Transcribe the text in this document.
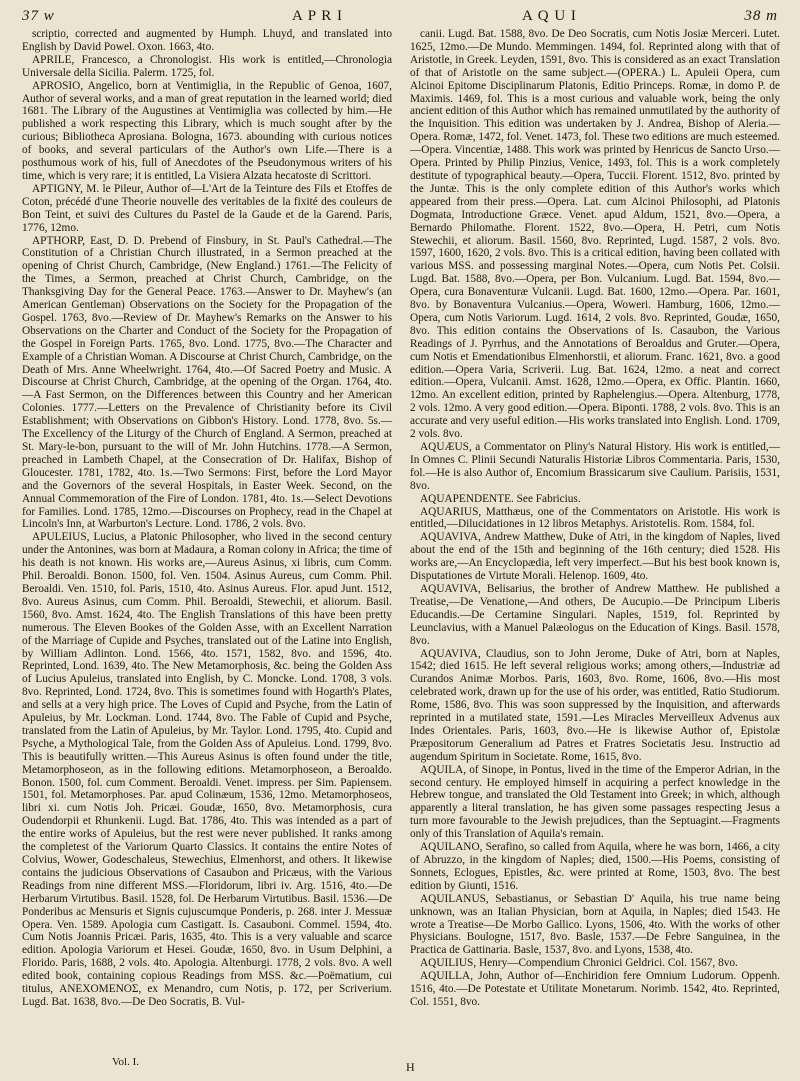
37 w	A P R I	A Q U I	38 m

scriptio, corrected and augmented by Humph. Lhuyd, and translated into English by David Powel. Oxon. 1663, 4to.

APRILE, Francesco, a Chronologist. His work is entitled,—Chronologia Universale della Sicilia. Palerm. 1725, fol.

APROSIO, Angelico, born at Ventimiglia, in the Republic of Genoa, 1607, Author of several works, and a man of great reputation in the learned world; died 1681. The Library of the Augustines at Ventimiglia was collected by him.—He published a work respecting this Library, which is much sought after by the curious; Bibliotheca Aprosiana. Bologna, 1673. abounding with curious notices of books, and several particulars of the Author's own Life.—There is a posthumous work of his, full of Anecdotes of the Pseudonymous writers of his time, which is very rare; it is entitled, La Visiera Alzata hecatoste di Scrittori.

APTIGNY, M. le Pileur, Author of—L'Art de la Teinture des Fils et Etoffes de Coton, précédé d'une Theorie nouvelle des veritables de la fixité des couleurs de Bon Teint, et suivi des Cultures du Pastel de la Gaude et de la Garend. Paris, 1776, 12mo.

APTHORP, East, D. D. Prebend of Finsbury, in St. Paul's Cathedral.—The Constitution of a Christian Church illustrated, in a Sermon preached at the opening of Christ Church, Cambridge, (New England.) 1761.—The Felicity of the Times, a Sermon, preached at Christ Church, Cambridge, on the Thanksgiving Day for the General Peace. 1763.—Answer to Dr. Mayhew's (an American Gentleman) Observations on the Society for the Propagation of the Gospel. 1763, 8vo.—Review of Dr. Mayhew's Remarks on the Answer to his Observations on the Charter and Conduct of the Society for the Propagation of the Gospel in Foreign Parts. 1765, 8vo. Lond. 1775, 8vo.—The Character and Example of a Christian Woman. A Discourse at Christ Church, Cambridge, on the Death of Mrs. Anne Wheelwright. 1764, 4to.—Of Sacred Poetry and Music. A Discourse at Christ Church, Cambridge, at the opening of the Organ. 1764, 4to.—A Fast Sermon, on the Differences between this Country and her American Colonies. 1777.—Letters on the Prevalence of Christianity before its Civil Establishment; with Observations on Gibbon's History. Lond. 1778, 8vo. 5s.—The Excellency of the Liturgy of the Church of England. A Sermon, preached at St. Mary-le-bon, pursuant to the will of Mr. John Hutchins. 1778.—A Sermon, preached in Lambeth Chapel, at the Consecration of Dr. Halifax, Bishop of Gloucester. 1781, 1782, 4to. 1s.—Two Sermons: First, before the Lord Mayor and the Governors of the several Hospitals, in Easter Week. Second, on the Annual Commemoration of the Fire of London. 1781, 4to. 1s.—Select Devotions for Families. Lond. 1785, 12mo.—Discourses on Prophecy, read in the Chapel at Lincoln's Inn, at Warburton's Lecture. Lond. 1786, 2 vols. 8vo.

APULEIUS, Lucius, a Platonic Philosopher, who lived in the second century under the Antonines, was born at Madaura, a Roman colony in Africa; the time of his death is not known. His works are,—Aureus Asinus, xi libris, cum Comm. Phil. Beroaldi. Bonon. 1500, fol. Ven. 1504. Asinus Aureus, cum Comm. Phil. Beroaldi. Ven. 1510, fol. Paris, 1510, 4to. Asinus Aureus. Flor. apud Junt. 1512, 8vo. Aureus Asinus, cum Comm. Phil. Beroaldi, Stewechii, et aliorum. Basil. 1560, 8vo. Amst. 1624, 4to. The English Translations of this have been pretty numerous. The Eleven Bookes of the Golden Asse, with an Excellent Narration of the Marriage of Cupide and Psyches, translated out of the Latine into English, by William Adlinton. Lond. 1566, 4to. 1571, 1582, 8vo. and 1596, 4to. Reprinted, Lond. 1639, 4to. The New Metamorphosis, &c. being the Golden Ass of Lucius Apuleius, translated into English, by C. Moncke. Lond. 1708, 3 vols. 8vo. Reprinted, Lond. 1724, 8vo. This is sometimes found with Hogarth's Plates, and sells at a very high price. The Loves of Cupid and Psyche, from the Latin of Apuleius, by Mr. Lockman. Lond. 1744, 8vo. The Fable of Cupid and Psyche, translated from the Latin of Apuleius, by Mr. Taylor. Lond. 1795, 4to. Cupid and Psyche, a Mythological Tale, from the Golden Ass of Apuleius. Lond. 1799, 8vo. This is beautifully written.—This Aureus Asinus is often found under the title, Metamorphoseon, as in the following editions. Metamorphoseon, a Beroaldo. Bonon. 1500, fol. cum Comment. Beroaldi. Venet. impress. per Sim. Papiensem. 1501, fol. Metamorphoses. Par. apud Colinæum, 1536, 12mo. Metamorphoseos, libri xi. cum Notis Joh. Pricæi. Goudæ, 1650, 8vo. Metamorphosis, cura Oudendorpii et Rhunkenii. Lugd. Bat. 1786, 4to. This was intended as a part of the entire works of Apuleius, but the rest were never published. It ranks among the completest of the Variorum Quarto Classics. It contains the entire Notes of Colvius, Wower, Godeschaleus, Stewechius, Elmenhorst, and others. It likewise contains the judicious Observations of Casaubon and Pricæus, with the Various Readings from nine different MSS.—Floridorum, libri iv. Arg. 1516, 4to.—De Herbarum Virtutibus. Basil. 1528, fol. De Herbarum Virtutibus. Basil. 1536.—De Ponderibus ac Mensuris et Signis cujuscumque Ponderis, p. 268. inter J. Messuæ Opera. Ven. 1589. Apologia cum Castigatt. Is. Casauboni. Commel. 1594, 4to. Cum Notis Joannis Pricæi. Paris, 1635, 4to. This is a very valuable and scarce edition. Apologia Variorum et Hesei. Goudæ, 1650, 8vo. in Usum Delphini, a Florido. Paris, 1688, 2 vols. 4to. Apologia. Altenburgi. 1778, 2 vols. 8vo. A well edited book, containing copious Readings from MSS. &c.—Poëmatium, cui titulus, ΑΝΕΧΟΜΕΝΟΣ, ex Menandro, cum Notis, p. 172, per Scriverium. Lugd. Bat. 1638, 8vo.—De Deo Socratis, B. Vul-

canii. Lugd. Bat. 1588, 8vo. De Deo Socratis, cum Notis Josiæ Merceri. Lutet. 1625, 12mo.—De Mundo. Memmingen. 1494, fol. Reprinted along with that of Aristotle, in Greek. Leyden, 1591, 8vo. This is considered as an exact Translation of that of Aristotle on the same subject.—(OPERA.) L. Apuleii Opera, cum Alcinoi Epitome Disciplinarum Platonis, Editio Princeps. Romæ, in domo P. de Maximis. 1469, fol. This is a most curious and valuable work, being the only ancient edition of this Author which has remained unmutilated by the authority of the Inquisition. This edition was undertaken by J. Andrea, Bishop of Aleria.—Opera. Romæ, 1472, fol. Venet. 1473, fol. These two editions are much esteemed.—Opera. Vincentiæ, 1488. This work was printed by Henricus de Sancto Urso.—Opera. Printed by Philip Pinzius, Venice, 1493, fol. This is a work completely destitute of typographical beauty.—Opera, Tuccii. Florent. 1512, 8vo. printed by the Juntæ. This is the only complete edition of this Author's works which appeared from their press.—Opera. Lat. cum Alcinoi Philosophi, ad Platonis Dogmata, Introductione Græce. Venet. apud Aldum, 1521, 8vo.—Opera, a Bernardo Philomathe. Florent. 1522, 8vo.—Opera, H. Petri, cum Notis Stewechii, et aliorum. Basil. 1560, 8vo. Reprinted, Lugd. 1587, 2 vols. 8vo. 1597, 1600, 1620, 2 vols. 8vo. This is a critical edition, having been collated with various MSS. and possessing marginal Notes.—Opera, cum Notis Pet. Colsii. Lugd. Bat. 1588, 8vo.—Opera, per Bon. Vulcanium. Lugd. Bat. 1594, 8vo.—Opera, cura Bonaventuræ Vulcanii. Lugd. Bat. 1600, 12mo.—Opera. Par. 1601, 8vo. by Bonaventura Vulcanius.—Opera, Woweri. Hamburg, 1606, 12mo.—Opera, cum Notis Variorum. Lugd. 1614, 2 vols. 8vo. Reprinted, Goudæ, 1650, 8vo. This edition contains the Observations of Is. Casaubon, the Various Readings of J. Pyrrhus, and the Annotations of Beroaldus and Gruter.—Opera, cum Notis et Emendationibus Elmenhorstii, et aliorum. Franc. 1621, 8vo. a good edition.—Opera Varia, Scriverii. Lug. Bat. 1624, 12mo. a neat and correct edition.—Opera, Vulcanii. Amst. 1628, 12mo.—Opera, ex Offic. Plantin. 1660, 12mo. An excellent edition, printed by Raphelengius.—Opera. Altenburg, 1778, 2 vols. 12mo. A very good edition.—Opera. Biponti. 1788, 2 vols. 8vo. This is an accurate and very useful edition.—His works translated into English. Lond. 1709, 2 vols. 8vo.

AQUÆUS, a Commentator on Pliny's Natural History. His work is entitled,—In Omnes C. Plinii Secundi Naturalis Historiæ Libros Commentaria. Paris, 1530, fol.—He is also Author of, Encomium Brassicarum sive Caulium. Parisiis, 1531, 8vo.

AQUAPENDENTE. See Fabricius.

AQUARIUS, Matthæus, one of the Commentators on Aristotle. His work is entitled,—Dilucidationes in 12 libros Metaphys. Aristotelis. Rom. 1584, fol.

AQUAVIVA, Andrew Matthew, Duke of Atri, in the kingdom of Naples, lived about the end of the 15th and beginning of the 16th century; died 1528. His works are,—An Encyclopædia, left very imperfect.—But his best book known is, Disputationes de Virtute Morali. Helenop. 1609, 4to.

AQUAVIVA, Belisarius, the brother of Andrew Matthew. He published a Treatise,—De Venatione,—And others, De Aucupio.—De Principum Liberis Educandis.—De Certamine Singulari. Naples, 1519, fol. Reprinted by Leunclavius, with a Manuel Palæologus on the Education of Kings. Basil. 1578, 8vo.

AQUAVIVA, Claudius, son to John Jerome, Duke of Atri, born at Naples, 1542; died 1615. He left several religious works; among others,—Industriæ ad Curandos Animæ Morbos. Paris, 1603, 8vo. Rome, 1606, 8vo.—His most celebrated work, drawn up for the use of his order, was entitled, Ratio Studiorum. Rome, 1586, 8vo. This was soon suppressed by the Inquisition, and afterwards reprinted in a mutilated state, 1591.—Les Miracles Merveilleux Advenus aux Indes Orientales. Paris, 1603, 8vo.—He is likewise Author of, Epistolæ Præpositorum Generalium ad Patres et Fratres Societatis Jesu. Instructio ad augendum Spiritum in Societate. Rome, 1615, 8vo.

AQUILA, of Sinope, in Pontus, lived in the time of the Emperor Adrian, in the second century. He employed himself in acquiring a perfect knowledge in the Hebrew tongue, and translated the Old Testament into Greek; in which, although apparently a literal translation, he has given some passages respecting Jesus a turn more favourable to the Jewish prejudices, than the Septuagint.—Fragments only of this Translation of Aquila's remain.

AQUILANO, Serafino, so called from Aquila, where he was born, 1466, a city of Abruzzo, in the kingdom of Naples; died, 1500.—His Poems, consisting of Sonnets, Eclogues, Epistles, &c. were printed at Rome, 1503, 8vo. The best edition by Giunti, 1516.

AQUILANUS, Sebastianus, or Sebastian D' Aquila, his true name being unknown, was an Italian Physician, born at Aquila, in Naples; died 1543. He wrote a Treatise—De Morbo Gallico. Lyons, 1506, 4to. With the works of other Physicians. Boulogne, 1517, 8vo. Basle, 1537.—De Febre Sanguinea, in the Practica de Gattinaria. Basle, 1537, 8vo. and Lyons, 1538, 4to.

AQUILIUS, Henry—Compendium Chronici Geldrici. Col. 1567, 8vo.

AQUILLA, John, Author of—Enchiridion fere Omnium Ludorum. Oppenh. 1516, 4to.—De Potestate et Utilitate Monetarum. Norimb. 1542, 4to. Reprinted, Col. 1551, 8vo.

Vol. I.	H
